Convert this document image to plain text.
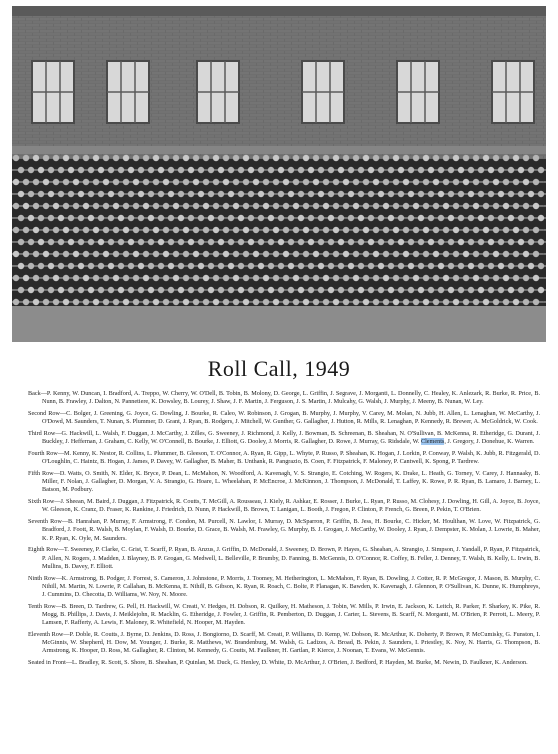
Roll Call, 1949

Back—P. Kenny, W. Duncan, I. Bradford, A. Treppo, W. Cherry, W. O'Dell, B. Tobin, B. Molony, D. George, L. Griffin, J. Segrave, J. Morganti, L. Donnelly, C. Healey, K. Anlezark, R. Burke, R. Price, B. Nunn, B. Frawley, J. Dalton, N. Pannetiere, K. Dowsley, B. Lourey, J. Shaw, J. F. Martin, J. Ferguson, J. S. Martin, J. Mulcahy, G. Walsh, J. Murphy, J. Meeny, B. Nunan, W. Ley.

Second Row—C. Bolger, J. Greening, G. Joyce, G. Dowling, J. Bourke, R. Caleo, W. Robinson, J. Grogan, B. Murphy, J. Murphy, V. Carey, M. Molan, N. Jubb, H. Allen, L. Lenaghan, W. McCarthy, J. O'Dowd, M. Saunders, T. Nunan, S. Plummer, D. Grant, J. Ryan, B. Rodgers, J. Mitchell, W. Gunther, G. Gallagher, J. Hutton, R. Mills, R. Lenaghan, P. Kennedy, R. Brewer, A. McGoldrick, W. Cook.

Third Row—G. Hackwill, L. Walsh, F. Duggan, J. McCarthy, J. Zilles, G. Sweeney, J. Richmond, J. Kelly, J. Bowman, B. Schreenan, B. Sheahan, N. O'Sullivan, B. McKenna, R. Etheridge, G. Durant, J. Buckley, J. Heffernan, J. Graham, C. Kelly, W. O'Connell, B. Bourke, J. Elliott, G. Dooley, J. Morris, R. Gallagher, D. Rowe, J. Murray, G. Ridsdale, W. Clements, J. Gregory, J. Donehue, K. Warren.

Fourth Row—M. Kenny, K. Nestor, R. Collins, L. Plummer, B. Gleeson, T. O'Connor, A. Ryan, R. Gipp, L. Whyte, P. Russo, P. Sheahan, K. Hogan, J. Lorkin, P. Conway, P. Walsh, K. Jubb, R. Fitzgerald, D. O'Loughlin, C. Haintz, B. Hogan, J. James, P. Davey, W. Gallagher, B. Maher, B. Unthank, R. Pangrazio, B. Coen, F. Fitzpatrick, F. Maloney, P. Cantwell, K. Spong, P. Tardrew.

Fifth Row—D. Watts, O. Smith, N. Elder, K. Bryce, P. Dean, L. McMahon, N. Woodford, A. Kavenagh, V. S. Strangio, E. Cotching, W. Rogers, K. Drake, L. Heath, G. Torney, V. Carey, J. Hannaaky, B. Miller, F. Nolan, J. Gallagher, D. Morgan, V. A. Strangio, G. Hoare, L. Wheelahan, P. McEncroe, J. McKinnon, J. Thompson, J. McDonald, T. Laffey, K. Rowe, P. R. Ryan, B. Lamaro, J. Barney, L. Batson, M. Podbury.

Sixth Row—J. Sheean, M. Baird, J. Duggan, J. Fitzpatrick, R. Coutts, T. McGill, A. Rousseau, J. Kiely, R. Ashkar, E. Rosser, J. Burke, L. Ryan, P. Russo, M. Clohesy, J. Dowling, H. Gill, A. Joyce, B. Joyce, W. Gleeson, K. Cranz, D. Fraser, K. Rankine, J. Friedrich, D. Nunn, P. Hackwill, B. Brown, T. Lanigan, L. Booth, J. Fregon, P. Clinton, P. French, G. Breen, P. Pekin, T. O'Brien.

Seventh Row—B. Hanrahan, P. Murray, F. Armstrong, F. Condon, M. Purcell, N. Lawlor, I. Murray, D. McSparron, P. Griffin, B. Jess, H. Bourke, C. Hicker, M. Houlihan, W. Love, W. Fitzpatrick, G. Bradford, J. Foott, R. Walsh, B. Moylan, F. Walsh, D. Bourke, D. Grace, B. Walsh, M. Frawley, G. Murphy, B. J. Grogan, J. McCarthy, W. Dooley, J. Ryan, J. Dempster, K. Molan, J. Lowrie, B. Maher, K. P. Ryan, K. Oyle, M. Saunders.

Eighth Row—T. Sweeney, P. Clarke, C. Grist, T. Scarff, P. Ryan, B. Anzus, J. Griffin, D. McDonald, J. Sweeney, D. Brown, P. Hayes, G. Sheahan, A. Strangio, J. Simpson, J. Yandall, P. Ryan, P. Fitzpatrick, P. Allen, N. Rogers, J. Madden, J. Blayney, B. P. Grogan, G. Medwell, L. Belleville, P. Brumby, D. Fanning, B. McGennis, D. O'Connor, R. Coffey, B. Feller, J. Denney, T. Walsh, B. Kelly, L. Irwin, B. Mullins, B. Davey, F. Elliott.

Ninth Row—K. Armstrong, B. Podger, J. Forrest, S. Cameron, J. Johnstone, P. Morris, J. Toomey, M. Hetherington, L. McMahon, F. Ryan, B. Dowling, J. Cotter, R. P. McGregor, J. Mason, B. Murphy, C. Nihill, M. Martin, N. Lowrie, P. Callahan, B. McKenna, E. Nihill, B. Gibson, K. Ryan, R. Roach, C. Bolte, P. Flanagan, K. Bawden, K. Kavenagh, J. Glennon, P. O'Sullivan, K. Dunne, K. Humphreys, J. Cummins, D. Checotta, D. Williams, W. Noy, N. Moore.

Tenth Row—B. Breen, D. Tardrew, G. Pell, H. Hackwill, W. Creati, V. Hedges, H. Dobson, R. Quilkey, H. Matheson, J. Tobin, W. Mills, P. Irwin, E. Jackson, K. Leitch, R. Parker, F. Sharkey, K. Pike, R. Mogg, B. Phillips, J. Davis, J. Meiklejohn, R. Macklin, G. Etheridge, J. Fowler, J. Griffin, R. Pemberton, D. Duggan, J. Carter, L. Stevens, B. Scarff, N. Morganti, M. O'Brien, P. Perrott, L. Meery, P. Lamsen, F. Rafferty, A. Lewis, F. Maloney, R. Whitefield, N. Hooper, M. Hayden.

Eleventh Row—P. Doble, R. Coutts, J. Byrne, D. Jenkins, D. Ross, J. Bongiorno, D. Scarff, M. Creati, P. Williams, D. Kemp, W. Dobson, R. McArthur, K. Doherty, P. Brown, P. McCumisky, G. Funston, I. McGinnis, W. Shepherd, H. Dow, M. Younger, J. Burke, R. Matthews, W. Brandenburg, M. Walsh, G. Ladizes, A. Broad, B. Pekin, J. Saunders, I. Priestley, K. Noy, N. Harris, G. Thompson, B. Armstrong, K. Hooper, D. Ross, M. Gallagher, R. Clinton, M. Kennedy, G. Coutts, M. Faulkner, H. Gartlan, P. Kierce, J. Noonan, T. Evans, W. McGennis.

Seated in Front—L. Bradley, R. Scott, S. Shore, B. Sheahan, P. Quinlan, M. Duck, G. Henley, D. White, D. McArthur, J. O'Brien, J. Bedford, P. Hayden, M. Burke, M. Newin, D. Faulkner, K. Anderson.
